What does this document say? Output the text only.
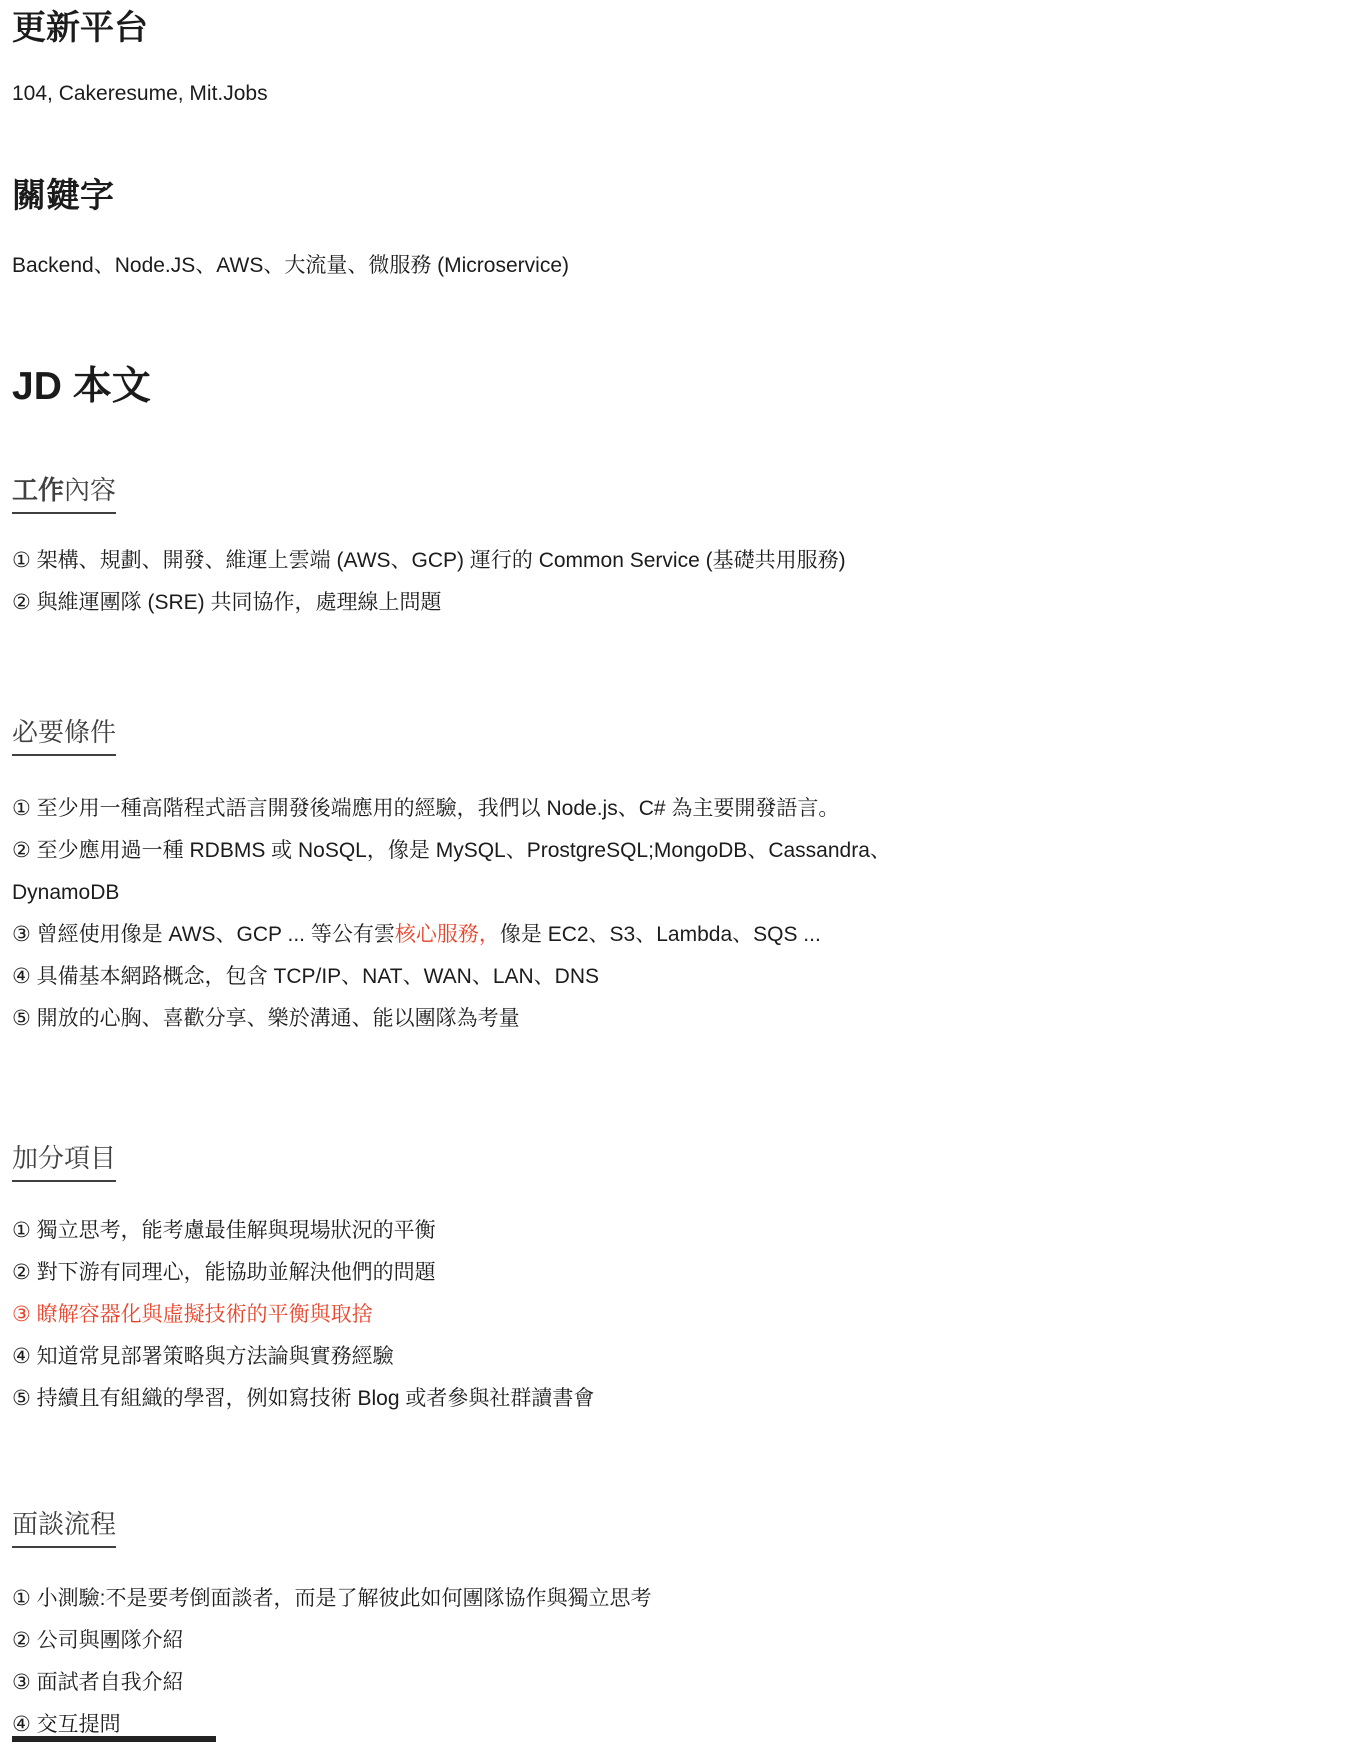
更新平台
104, Cakeresume, Mit.Jobs
關鍵字
Backend、Node.JS、AWS、大流量、微服務 (Microservice)
JD 本文
工作內容
① 架構、規劃、開發、維運上雲端 (AWS、GCP) 運行的 Common Service (基礎共用服務)
② 與維運團隊 (SRE) 共同協作，處理線上問題
必要條件
① 至少用一種高階程式語言開發後端應用的經驗，我們以 Node.js、C# 為主要開發語言。
② 至少應用過一種 RDBMS 或 NoSQL，像是 MySQL、ProstgreSQL;MongoDB、Cassandra、
DynamoDB
③ 曾經使用像是 AWS、GCP ... 等公有雲核心服務，像是 EC2、S3、Lambda、SQS ...
④ 具備基本網路概念，包含 TCP/IP、NAT、WAN、LAN、DNS
⑤ 開放的心胸、喜歡分享、樂於溝通、能以團隊為考量
加分項目
① 獨立思考，能考慮最佳解與現場狀況的平衡
② 對下游有同理心，能協助並解決他們的問題
③ 瞭解容器化與虛擬技術的平衡與取捨
④ 知道常見部署策略與方法論與實務經驗
⑤ 持續且有組織的學習，例如寫技術 Blog 或者參與社群讀書會
面談流程
① 小測驗:不是要考倒面談者，而是了解彼此如何團隊協作與獨立思考
② 公司與團隊介紹
③ 面試者自我介紹
④ 交互提問
